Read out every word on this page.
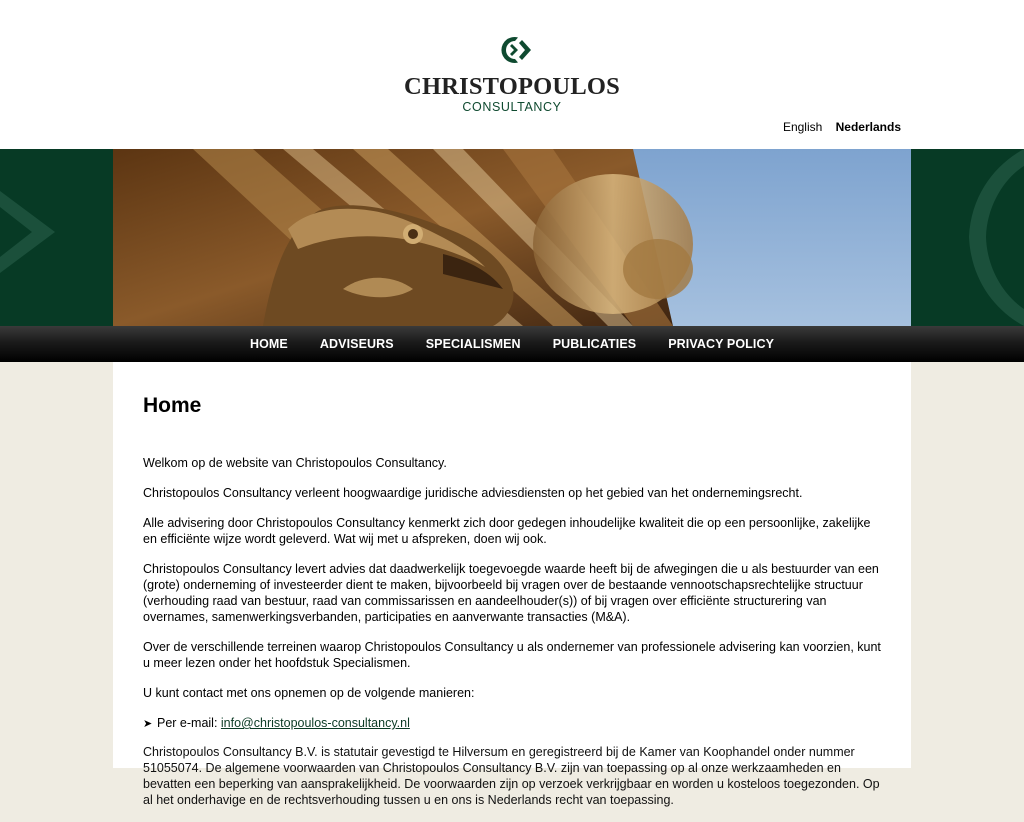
CHRISTOPOULOS
CONSULTANCY
English Nederlands
HOME	ADVISEURS	SPECIALISMEN	PUBLICATIES	PRIVACY POLICY
Home

Welkom op de website van Christopoulos Consultancy.

Christopoulos Consultancy verleent hoogwaardige juridische adviesdiensten op het gebied van het ondernemingsrecht.

Alle advisering door Christopoulos Consultancy kenmerkt zich door gedegen inhoudelijke kwaliteit die op een persoonlijke, zakelijke en efficiënte wijze wordt geleverd. Wat wij met u afspreken, doen wij ook.

Christopoulos Consultancy levert advies dat daadwerkelijk toegevoegde waarde heeft bij de afwegingen die u als bestuurder van een (grote) onderneming of investeerder dient te maken, bijvoorbeeld bij vragen over de bestaande vennootschapsrechtelijke structuur (verhouding raad van bestuur, raad van commissarissen en aandeelhouder(s)) of bij vragen over efficiënte structurering van overnames, samenwerkingsverbanden, participaties en aanverwante transacties (M&A).

Over de verschillende terreinen waarop Christopoulos Consultancy u als ondernemer van professionele advisering kan voorzien, kunt u meer lezen onder het hoofdstuk Specialismen.

U kunt contact met ons opnemen op de volgende manieren:

➤ Per e-mail: info@christopoulos-consultancy.nl

Christopoulos Consultancy B.V. is statutair gevestigd te Hilversum en geregistreerd bij de Kamer van Koophandel onder nummer 51055074. De algemene voorwaarden van Christopoulos Consultancy B.V. zijn van toepassing op al onze werkzaamheden en bevatten een beperking van aansprakelijkheid. De voorwaarden zijn op verzoek verkrijgbaar en worden u kosteloos toegezonden. Op al het onderhavige en de rechtsverhouding tussen u en ons is Nederlands recht van toepassing.
